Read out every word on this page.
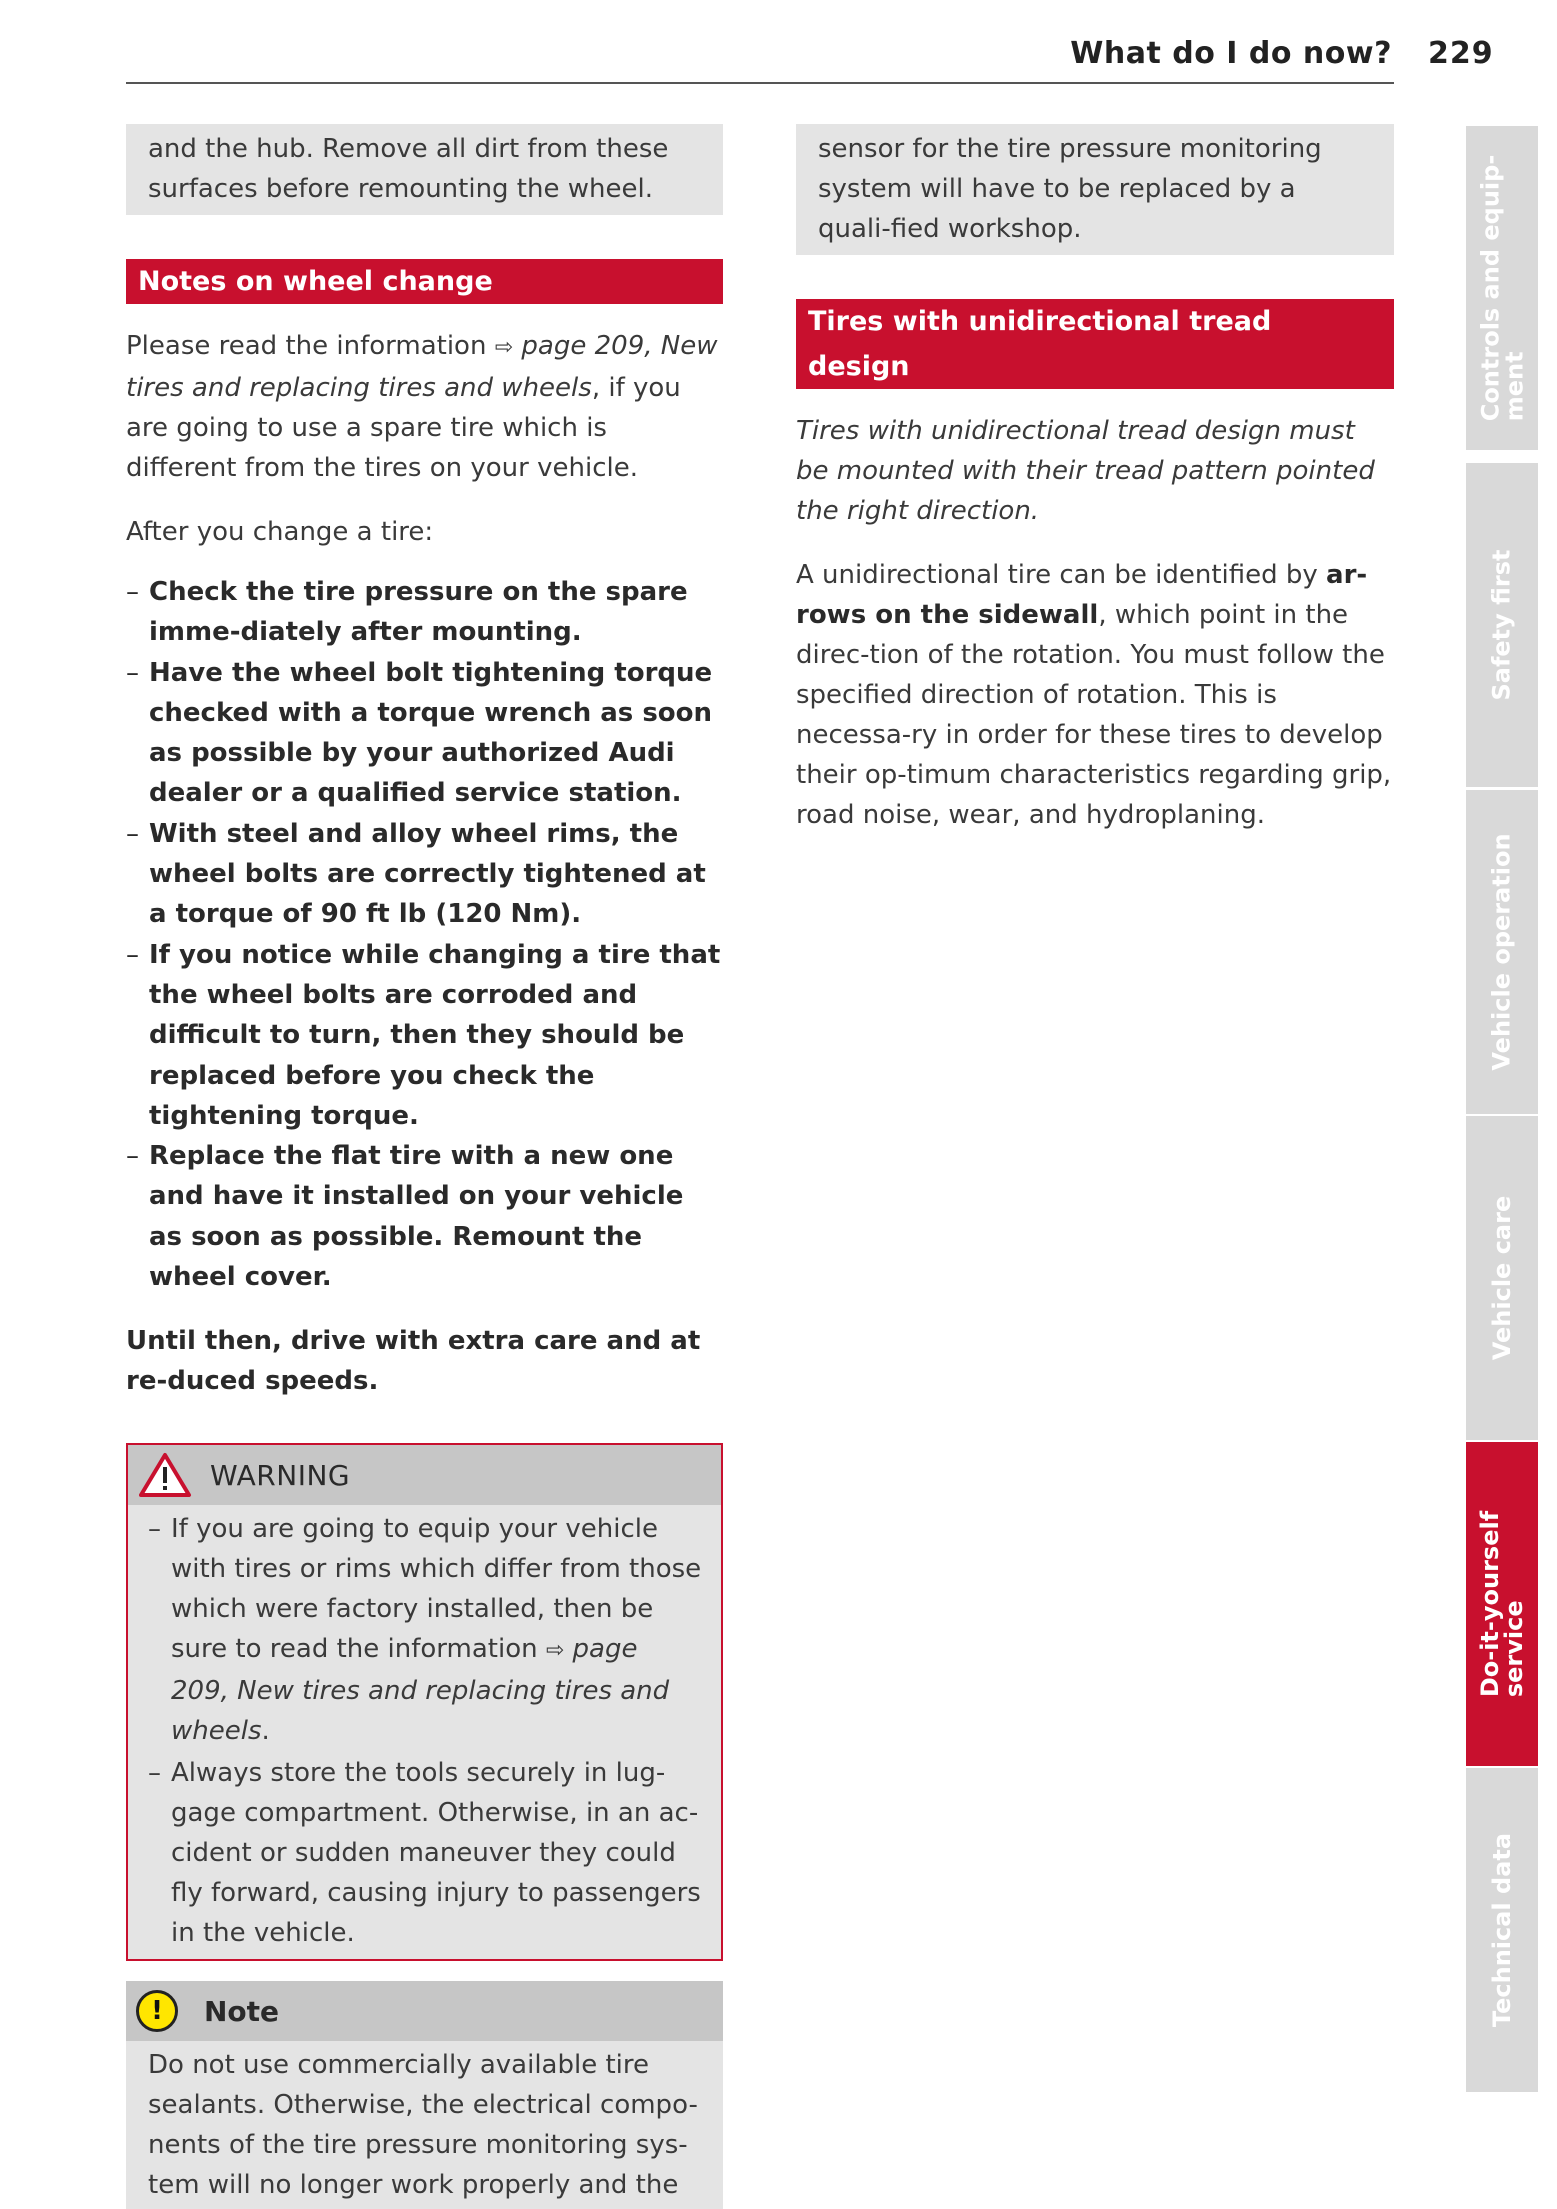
What do I do now? 229
and the hub. Remove all dirt from these surfaces before remounting the wheel.
Notes on wheel change
Please read the information ⇨ page 209, New tires and replacing tires and wheels, if you are going to use a spare tire which is different from the tires on your vehicle.
After you change a tire:
– Check the tire pressure on the spare imme-diately after mounting.
– Have the wheel bolt tightening torque checked with a torque wrench as soon as possible by your authorized Audi dealer or a qualified service station.
– With steel and alloy wheel rims, the wheel bolts are correctly tightened at a torque of 90 ft lb (120 Nm).
– If you notice while changing a tire that the wheel bolts are corroded and difficult to turn, then they should be replaced before you check the tightening torque.
– Replace the flat tire with a new one and have it installed on your vehicle as soon as possible. Remount the wheel cover.
Until then, drive with extra care and at re-duced speeds.
WARNING
– If you are going to equip your vehicle with tires or rims which differ from those which were factory installed, then be sure to read the information ⇨ page 209, New tires and replacing tires and wheels.
– Always store the tools securely in lug-gage compartment. Otherwise, in an ac-cident or sudden maneuver they could fly forward, causing injury to passengers in the vehicle.
!	Note
Do not use commercially available tire sealants. Otherwise, the electrical compo-nents of the tire pressure monitoring sys-tem will no longer work properly and the
sensor for the tire pressure monitoring system will have to be replaced by a quali-fied workshop.
Tires with unidirectional tread design
Tires with unidirectional tread design must be mounted with their tread pattern pointed the right direction.
A unidirectional tire can be identified by ar-rows on the sidewall, which point in the direc-tion of the rotation. You must follow the specified direction of rotation. This is necessa-ry in order for these tires to develop their op-timum characteristics regarding grip, road noise, wear, and hydroplaning.
Controls and equip-
ment
Safety first
Vehicle operation
Vehicle care
Do-it-yourself
service
Technical data
